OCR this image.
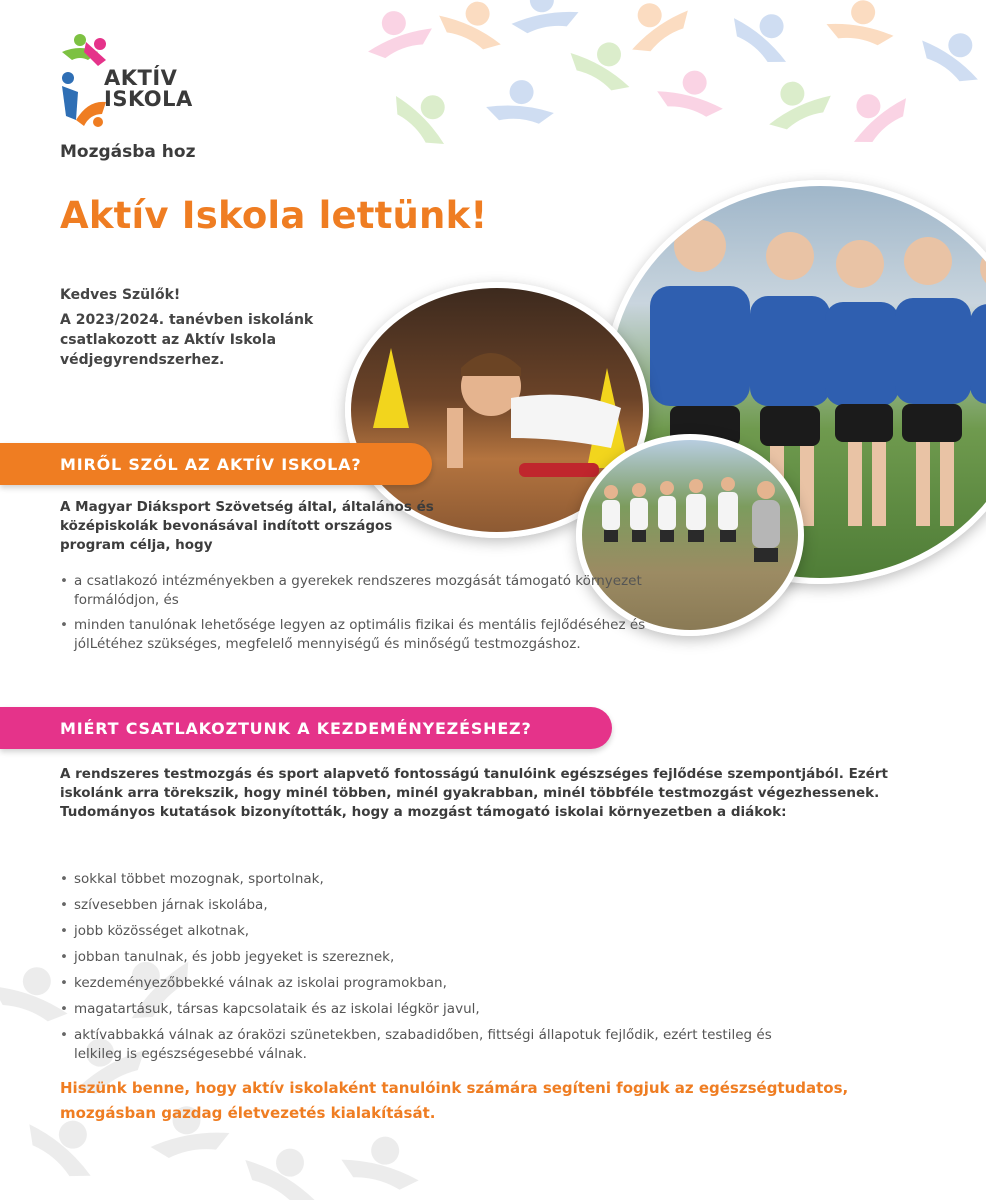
AKTÍV
ISKOLA
Mozgásba hoz
Aktív Iskola lettünk!
Kedves Szülők!
A 2023/2024. tanévben iskolánk csatlakozott az Aktív Iskola védjegyrendszerhez.
MIRŐL SZÓL AZ AKTÍV ISKOLA?
A Magyar Diáksport Szövetség által, általános és középiskolák bevonásával indított országos program célja, hogy
• a csatlakozó intézményekben a gyerekek rendszeres mozgását támogató környezet formálódjon, és
• minden tanulónak lehetősége legyen az optimális fizikai és mentális fejlődéséhez és jólLétéhez szükséges, megfelelő mennyiségű és minőségű testmozgáshoz.
MIÉRT CSATLAKOZTUNK A KEZDEMÉNYEZÉSHEZ?
A rendszeres testmozgás és sport alapvető fontosságú tanulóink egészséges fejlődése szempontjából. Ezért iskolánk arra törekszik, hogy minél többen, minél gyakrabban, minél többféle testmozgást végezhessenek. Tudományos kutatások bizonyították, hogy a mozgást támogató iskolai környezetben a diákok:
• sokkal többet mozognak, sportolnak,
• szívesebben járnak iskolába,
• jobb közösséget alkotnak,
• jobban tanulnak, és jobb jegyeket is szereznek,
• kezdeményezőbbekké válnak az iskolai programokban,
• magatartásuk, társas kapcsolataik és az iskolai légkör javul,
• aktívabbakká válnak az óraközi szünetekben, szabadidőben, fittségi állapotuk fejlődik, ezért testileg és lelkileg is egészségesebbé válnak.
Hiszünk benne, hogy aktív iskolaként tanulóink számára segíteni fogjuk az egészségtudatos, mozgásban gazdag életvezetés kialakítását.
